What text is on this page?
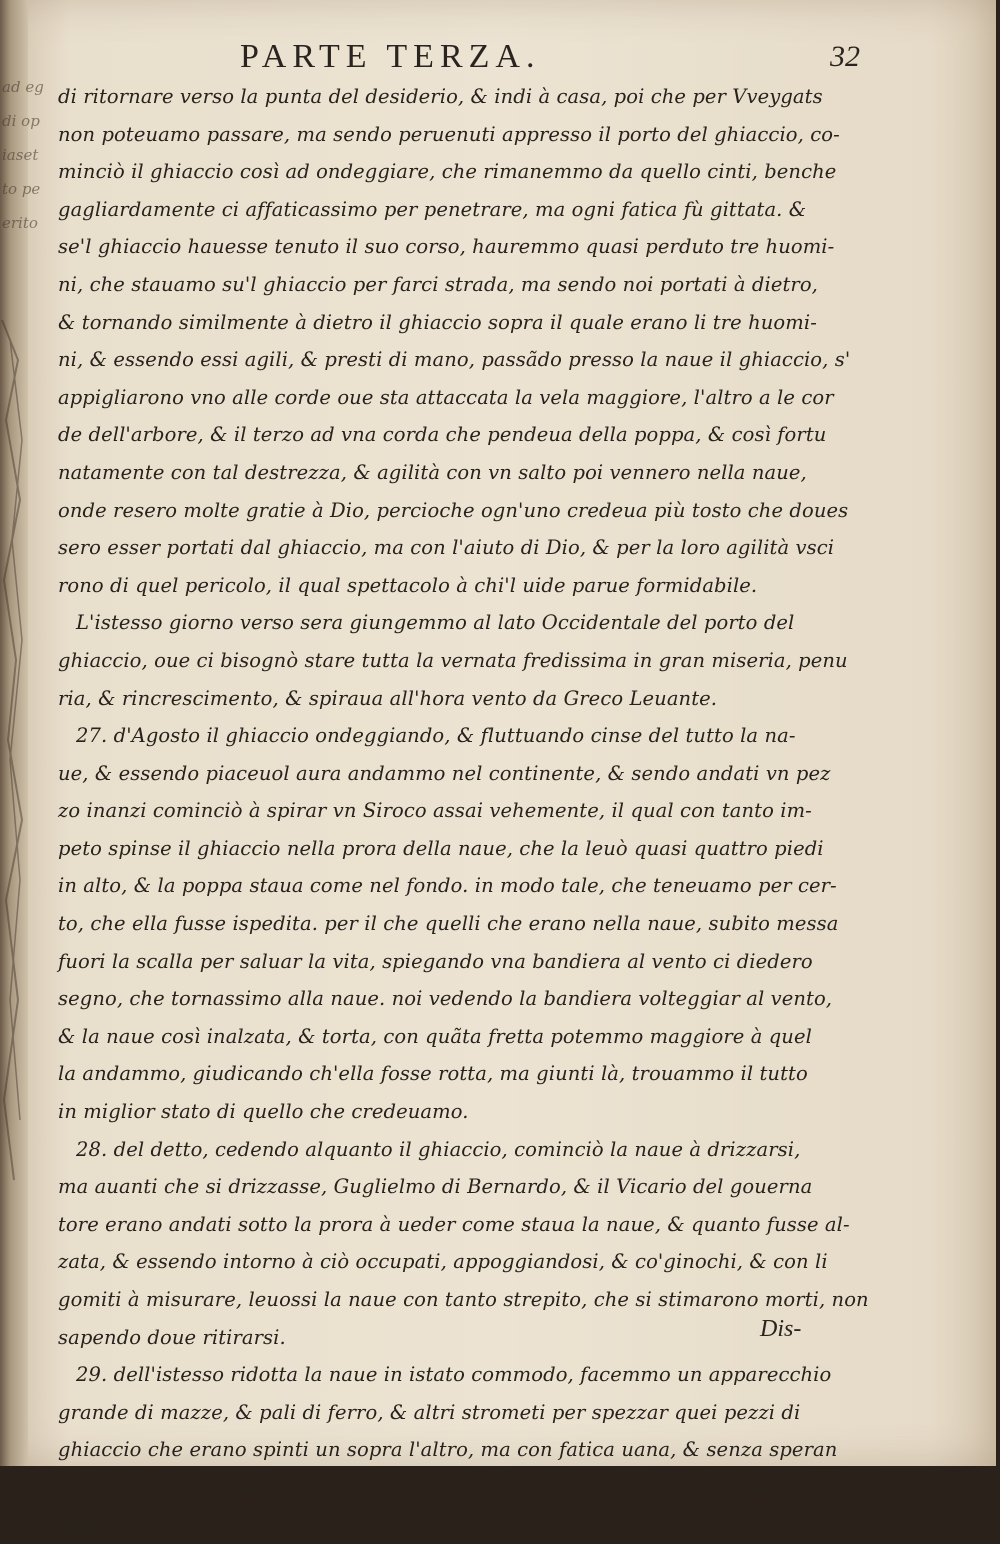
ad eg
di op
iaset
to pe
erito
PARTE TERZA.	32
di ritornare verso la punta del desiderio, & indi à casa, poi che per Vveygats
non poteuamo passare, ma sendo peruenuti appresso il porto del ghiaccio, co-
minciò il ghiaccio così ad ondeggiare, che rimanemmo da quello cinti, benche
gagliardamente ci affaticassimo per penetrare, ma ogni fatica fù gittata. &
se'l ghiaccio hauesse tenuto il suo corso, hauremmo quasi perduto tre huomi-
ni, che stauamo su'l ghiaccio per farci strada, ma sendo noi portati à dietro,
& tornando similmente à dietro il ghiaccio sopra il quale erano li tre huomi-
ni, & essendo essi agili, & presti di mano, passãdo presso la naue il ghiaccio, s'
appigliarono vno alle corde oue sta attaccata la vela maggiore, l'altro a le cor
de dell'arbore, & il terzo ad vna corda che pendeua della poppa, & così fortu
natamente con tal destrezza, & agilità con vn salto poi vennero nella naue,
onde resero molte gratie à Dio, percioche ogn'uno credeua più tosto che doues
sero esser portati dal ghiaccio, ma con l'aiuto di Dio, & per la loro agilità vsci
rono di quel pericolo, il qual spettacolo à chi'l uide parue formidabile.
L'istesso giorno verso sera giungemmo al lato Occidentale del porto del
ghiaccio, oue ci bisognò stare tutta la vernata fredissima in gran miseria, penu
ria, & rincrescimento, & spiraua all'hora vento da Greco Leuante.
27. d'Agosto il ghiaccio ondeggiando, & fluttuando cinse del tutto la na-
ue, & essendo piaceuol aura andammo nel continente, & sendo andati vn pez
zo inanzi cominciò à spirar vn Siroco assai vehemente, il qual con tanto im-
peto spinse il ghiaccio nella prora della naue, che la leuò quasi quattro piedi
in alto, & la poppa staua come nel fondo. in modo tale, che teneuamo per cer-
to, che ella fusse ispedita. per il che quelli che erano nella naue, subito messa
fuori la scalla per saluar la vita, spiegando vna bandiera al vento ci diedero
segno, che tornassimo alla naue. noi vedendo la bandiera volteggiar al vento,
& la naue così inalzata, & torta, con quãta fretta potemmo maggiore à quel
la andammo, giudicando ch'ella fosse rotta, ma giunti là, trouammo il tutto
in miglior stato di quello che credeuamo.
28. del detto, cedendo alquanto il ghiaccio, cominciò la naue à drizzarsi,
ma auanti che si drizzasse, Guglielmo di Bernardo, & il Vicario del gouerna
tore erano andati sotto la prora à ueder come staua la naue, & quanto fusse al-
zata, & essendo intorno à ciò occupati, appoggiandosi, & co'ginochi, & con li
gomiti à misurare, leuossi la naue con tanto strepito, che si stimarono morti, non
sapendo doue ritirarsi.
29. dell'istesso ridotta la naue in istato commodo, facemmo un apparecchio
grande di mazze, & pali di ferro, & altri strometi per spezzar quei pezzi di
ghiaccio che erano spinti un sopra l'altro, ma con fatica uana, & senza speran
za alcuna; si che raccommandammo il tutto à Dio, & da lui solo aspettauamo
aiuto.
Dis-
